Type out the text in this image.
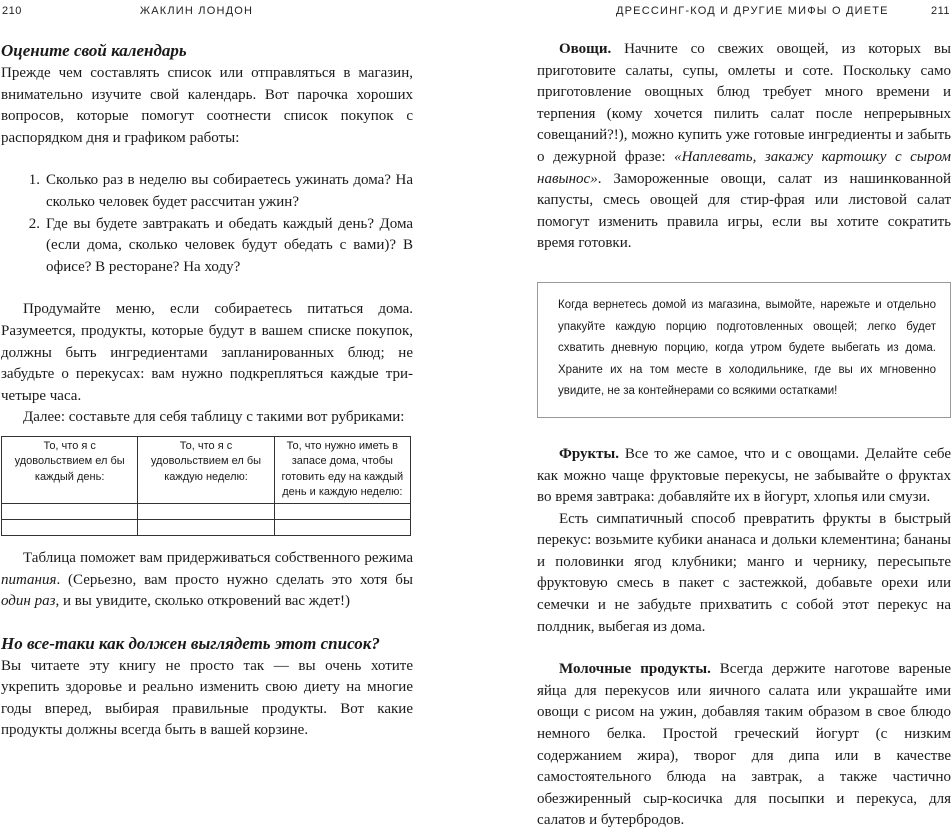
210	ЖАКЛИН ЛОНДОН
Оцените свой календарь

Прежде чем составлять список или отправляться в магазин, внимательно изучите свой календарь. Вот парочка хороших вопросов, которые помогут соотнести список покупок с распорядком дня и графиком работы:

1. Сколько раз в неделю вы собираетесь ужинать дома? На сколько человек будет рассчитан ужин?
2. Где вы будете завтракать и обедать каждый день? Дома (если дома, сколько человек будут обедать с вами)? В офисе? В ресторане? На ходу?

Продумайте меню, если собираетесь питаться дома. Разумеется, продукты, которые будут в вашем списке покупок, должны быть ингредиентами запланированных блюд; не забудьте о перекусах: вам нужно подкрепляться каждые три-четыре часа.

Далее: составьте для себя таблицу с такими вот рубриками:

То, что я с удовольствием ел бы каждый день:	То, что я с удовольствием ел бы каждую неделю:	То, что нужно иметь в запасе дома, чтобы готовить еду на каждый день и каждую неделю:

Таблица поможет вам придерживаться собственного режима питания. (Серьезно, вам просто нужно сделать это хотя бы один раз, и вы увидите, сколько откровений вас ждет!)

Но все-таки как должен выглядеть этот список?

Вы читаете эту книгу не просто так — вы очень хотите укрепить здоровье и реально изменить свою диету на многие годы вперед, выбирая правильные продукты. Вот какие продукты должны всегда быть в вашей корзине.

ДРЕССИНГ-КОД И ДРУГИЕ МИФЫ О ДИЕТЕ	211

Овощи. Начните со свежих овощей, из которых вы приготовите салаты, супы, омлеты и соте. Поскольку само приготовление овощных блюд требует много времени и терпения (кому хочется пилить салат после непрерывных совещаний?!), можно купить уже готовые ингредиенты и забыть о дежурной фразе: «Наплевать, закажу картошку с сыром навынос». Замороженные овощи, салат из нашинкованной капусты, смесь овощей для стир-фрая или листовой салат помогут изменить правила игры, если вы хотите сократить время готовки.

Когда вернетесь домой из магазина, вымойте, нарежьте и отдельно упакуйте каждую порцию подготовленных овощей; легко будет схватить дневную порцию, когда утром будете выбегать из дома. Храните их на том месте в холодильнике, где вы их мгновенно увидите, не за контейнерами со всякими остатками!

Фрукты. Все то же самое, что и с овощами. Делайте себе как можно чаще фруктовые перекусы, не забывайте о фруктах во время завтрака: добавляйте их в йогурт, хлопья или смузи.

Есть симпатичный способ превратить фрукты в быстрый перекус: возьмите кубики ананаса и дольки клементина; бананы и половинки ягод клубники; манго и чернику, пересыпьте фруктовую смесь в пакет с застежкой, добавьте орехи или семечки и не забудьте прихватить с собой этот перекус на полдник, выбегая из дома.

Молочные продукты. Всегда держите наготове вареные яйца для перекусов или яичного салата или украшайте ими овощи с рисом на ужин, добавляя таким образом в свое блюдо немного белка. Простой греческий йогурт (с низким содержанием жира), творог для дипа или в качестве самостоятельного блюда на завтрак, а также частично обезжиренный сыр-косичка для посыпки и перекуса, для салатов и бутербродов.
